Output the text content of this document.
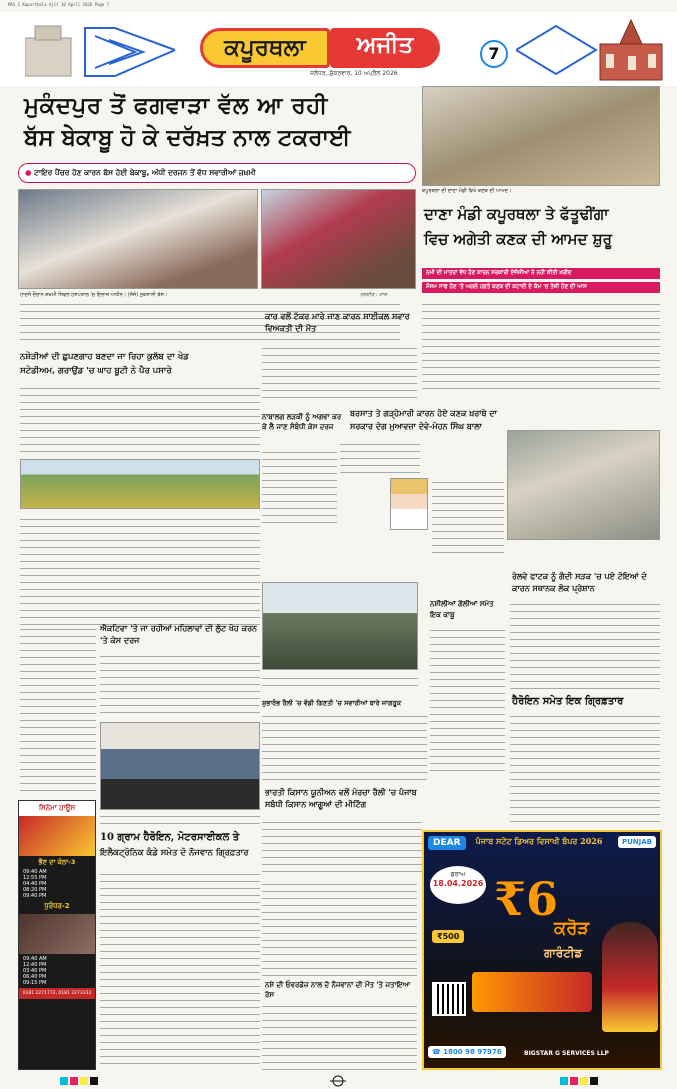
MAS 1 Kapurthala Ajit 10 April 2026 Page 7
ਕਪੂਰਥਲਾ	ਅਜੀਤ
ਜਲੰਧਰ, ਸ਼ੁੱਕਰਵਾਰ, 10 ਅਪ੍ਰੈਲ 2026
7
ਮੁਕੰਦਪੁਰ ਤੋਂ ਫਗਵਾੜਾ ਵੱਲ ਆ ਰਹੀ
ਬੱਸ ਬੇਕਾਬੂ ਹੋ ਕੇ ਦਰੱਖ਼ਤ ਨਾਲ ਟਕਰਾਈ
● ਟਾਇਰ ਪੈਂਚਰ ਹੋਣ ਕਾਰਨ ਬੱਸ ਹੋਈ ਬੇਕਾਬੂ, ਅੱਧੀ ਦਰਜਨ ਤੋਂ ਵੱਧ ਸਵਾਰੀਆਂ ਜ਼ਖ਼ਮੀ
ਹਾਦਸੇ ਦੌਰਾਨ ਜ਼ਖ਼ਮੀ ਸਿਵਲ ਹਸਪਤਾਲ 'ਚ ਇਲਾਜ ਅਧੀਨ। (ਸੱਜੇ) ਨੁਕਸਾਨੀ ਬੱਸ।	ਤਸਵੀਰ : ਵਾਸ
ਕਪੂਰਥਲਾ ਦੀ ਦਾਣਾ ਮੰਡੀ ਵਿਖੇ ਕਣਕ ਦੀ ਆਮਦ।
ਦਾਣਾ ਮੰਡੀ ਕਪੂਰਥਲਾ ਤੇ ਫੱਤੂਢੀਂਗਾ
ਵਿਚ ਅਗੇਤੀ ਕਣਕ ਦੀ ਆਮਦ ਸ਼ੁਰੂ
ਨਮੀ ਦੀ ਮਾਤਰਾ ਵੱਧ ਹੋਣ ਕਾਰਨ ਸਰਕਾਰੀ ਏਜੰਸੀਆਂ ਨੇ ਨਹੀਂ ਕੀਤੀ ਖ਼ਰੀਦ
ਮੌਸਮ ਸਾਫ ਹੋਣ 'ਤੇ ਅਗਲੇ ਹਫ਼ਤੇ ਕਣਕ ਦੀ ਕਟਾਈ ਦੇ ਕੰਮ 'ਚ ਤੇਜ਼ੀ ਹੋਣ ਦੀ ਆਸ
ਕਾਰ ਵਲੋਂ ਟੱਕਰ ਮਾਰੇ ਜਾਣ ਕਾਰਨ ਸਾਈਕਲ ਸਵਾਰ ਵਿਅਕਤੀ ਦੀ ਮੌਤ
ਨਸ਼ੇੜੀਆਂ ਦੀ ਛੁਪਣਗਾਹ ਬਣਦਾ ਜਾ ਰਿਹਾ ਕੁਲੱਬ ਦਾ ਖੇਡ
ਸਟੇਡੀਅਮ, ਗਰਾਉਂਡ 'ਚ ਘਾਹ ਬੂਟੀ ਨੇ ਪੈਰ ਪਸਾਰੇ
ਬਰਸਾਤ ਤੇ ਗੜ੍ਹੇਮਾਰੀ ਕਾਰਨ ਹੋਏ ਕਣਕ ਖ਼ਰਾਬੇ ਦਾ
ਸਰਕਾਰ ਦੇਗ ਮੁਆਵਜ਼ਾ ਦੇਵੇ-ਮੋਹਨ ਸਿੰਘ ਬਾਲਾ
ਨਾਬਾਲਗ ਲੜਕੀ ਨੂੰ ਅਗਵਾ ਕਰ ਕੇ ਲੈ ਜਾਣ ਸੰਬੰਧੀ ਕੇਸ ਦਰਜ
ਐਕਟਿਵਾ 'ਤੇ ਜਾ ਰਹੀਆਂ ਮਹਿਲਾਵਾਂ ਦੀ ਲੁੱਟ ਖੋਹ ਕਰਨ 'ਤੇ ਕੇਸ ਦਰਜ
ਨਸ਼ੀਲੀਆਂ ਗੋਲੀਆਂ ਸਮੇਤ ਇਕ ਕਾਬੂ
ਰੇਲਵੇ ਫਾਟਕ ਨੂੰ ਗੰਦੀ ਸੜਕ 'ਚ ਪਏ ਟੋਇਆਂ ਦੇ ਕਾਰਨ ਸਥਾਨਕ ਲੋਕ ਪ੍ਰੇਸ਼ਾਨ
ਹੈਰੋਇਨ ਸਮੇਤ ਇਕ ਗ੍ਰਿਫ਼ਤਾਰ
ਸ਼ੁਭਾਰੰਭ ਰੈਲੀ 'ਚ ਵੱਡੀ ਗਿਣਤੀ 'ਚ ਸਵਾਰੀਆਂ ਬਾਰੇ ਜਾਗਰੂਕ
ਭਾਰਤੀ ਕਿਸਾਨ ਯੂਨੀਅਨ ਵਲੋਂ ਮੋਰਚਾ ਰੈਲੀ 'ਚ ਪੰਜਾਬ ਸਬੰਧੀ ਕਿਸਾਨ ਆਗੂਆਂ ਦੀ ਮੀਟਿੰਗ
10 ਗ੍ਰਾਮ ਹੈਰੋਇਨ, ਮੋਟਰਸਾਈਕਲ ਤੇ
ਇਲੈਕਟ੍ਰੋਨਿਕ ਕੰਡੇ ਸਮੇਤ ਦੋ ਨੌਜਵਾਨ ਗ੍ਰਿਫ਼ਤਾਰ
ਨਸ਼ੇ ਦੀ ਓਵਰਡੋਜ਼ ਨਾਲ ਦੋ ਨੌਜਵਾਨਾਂ ਦੀ ਮੌਤ 'ਤੇ ਜਤਾਇਆ ਰੋਸ
ਸਿਨੇਮਾ ਹਾਊਸ
ਭੈਣ ਦਾ ਕੋਠਾ-3
09:40 AM
12:55 PM
04:40 PM
08:20 PM
09:40 PM
ਧੁਰੰਧਰ-2
09:40 AM
12:40 PM
03:40 PM
06:40 PM
09:15 PM
0181 2271772, 0181 2273333
DEAR	PUNJAB
ਪੰਜਾਬ ਸਟੇਟ ਡਿਅਰ ਵਿਸਾਖੀ ਬੰਪਰ 2026
ਡਰਾਅ
18.04.2026 ₹6
ਕਰੋੜ
ਗਾਰੰਟੀਡ
₹500
☎ 1800 98 97976	BIGSTAR G SERVICES LLP
